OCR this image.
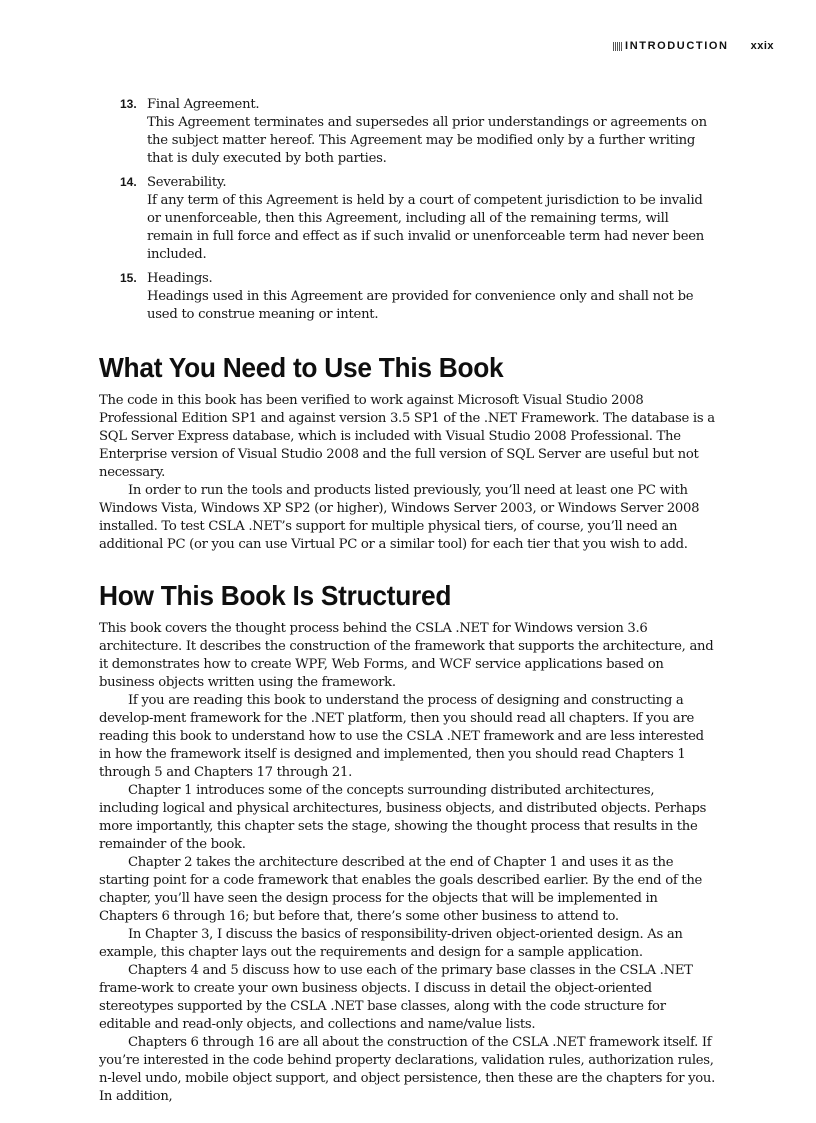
INTRODUCTION xxix
13. Final Agreement.

This Agreement terminates and supersedes all prior understandings or agreements on the subject matter hereof. This Agreement may be modified only by a further writing that is duly executed by both parties.

14. Severability.

If any term of this Agreement is held by a court of competent jurisdiction to be invalid or unenforceable, then this Agreement, including all of the remaining terms, will remain in full force and effect as if such invalid or unenforceable term had never been included.

15. Headings.

Headings used in this Agreement are provided for convenience only and shall not be used to construe meaning or intent.

What You Need to Use This Book

The code in this book has been verified to work against Microsoft Visual Studio 2008 Professional Edition SP1 and against version 3.5 SP1 of the .NET Framework. The database is a SQL Server Express database, which is included with Visual Studio 2008 Professional. The Enterprise version of Visual Studio 2008 and the full version of SQL Server are useful but not necessary.

In order to run the tools and products listed previously, you’ll need at least one PC with Windows Vista, Windows XP SP2 (or higher), Windows Server 2003, or Windows Server 2008 installed. To test CSLA .NET’s support for multiple physical tiers, of course, you’ll need an additional PC (or you can use Virtual PC or a similar tool) for each tier that you wish to add.

How This Book Is Structured

This book covers the thought process behind the CSLA .NET for Windows version 3.6 architecture. It describes the construction of the framework that supports the architecture, and it demonstrates how to create WPF, Web Forms, and WCF service applications based on business objects written using the framework.

If you are reading this book to understand the process of designing and constructing a develop-ment framework for the .NET platform, then you should read all chapters. If you are reading this book to understand how to use the CSLA .NET framework and are less interested in how the framework itself is designed and implemented, then you should read Chapters 1 through 5 and Chapters 17 through 21.

Chapter 1 introduces some of the concepts surrounding distributed architectures, including logical and physical architectures, business objects, and distributed objects. Perhaps more importantly, this chapter sets the stage, showing the thought process that results in the remainder of the book.

Chapter 2 takes the architecture described at the end of Chapter 1 and uses it as the starting point for a code framework that enables the goals described earlier. By the end of the chapter, you’ll have seen the design process for the objects that will be implemented in Chapters 6 through 16; but before that, there’s some other business to attend to.

In Chapter 3, I discuss the basics of responsibility-driven object-oriented design. As an example, this chapter lays out the requirements and design for a sample application.

Chapters 4 and 5 discuss how to use each of the primary base classes in the CSLA .NET frame-work to create your own business objects. I discuss in detail the object-oriented stereotypes supported by the CSLA .NET base classes, along with the code structure for editable and read-only objects, and collections and name/value lists.

Chapters 6 through 16 are all about the construction of the CSLA .NET framework itself. If you’re interested in the code behind property declarations, validation rules, authorization rules, n-level undo, mobile object support, and object persistence, then these are the chapters for you. In addition,
